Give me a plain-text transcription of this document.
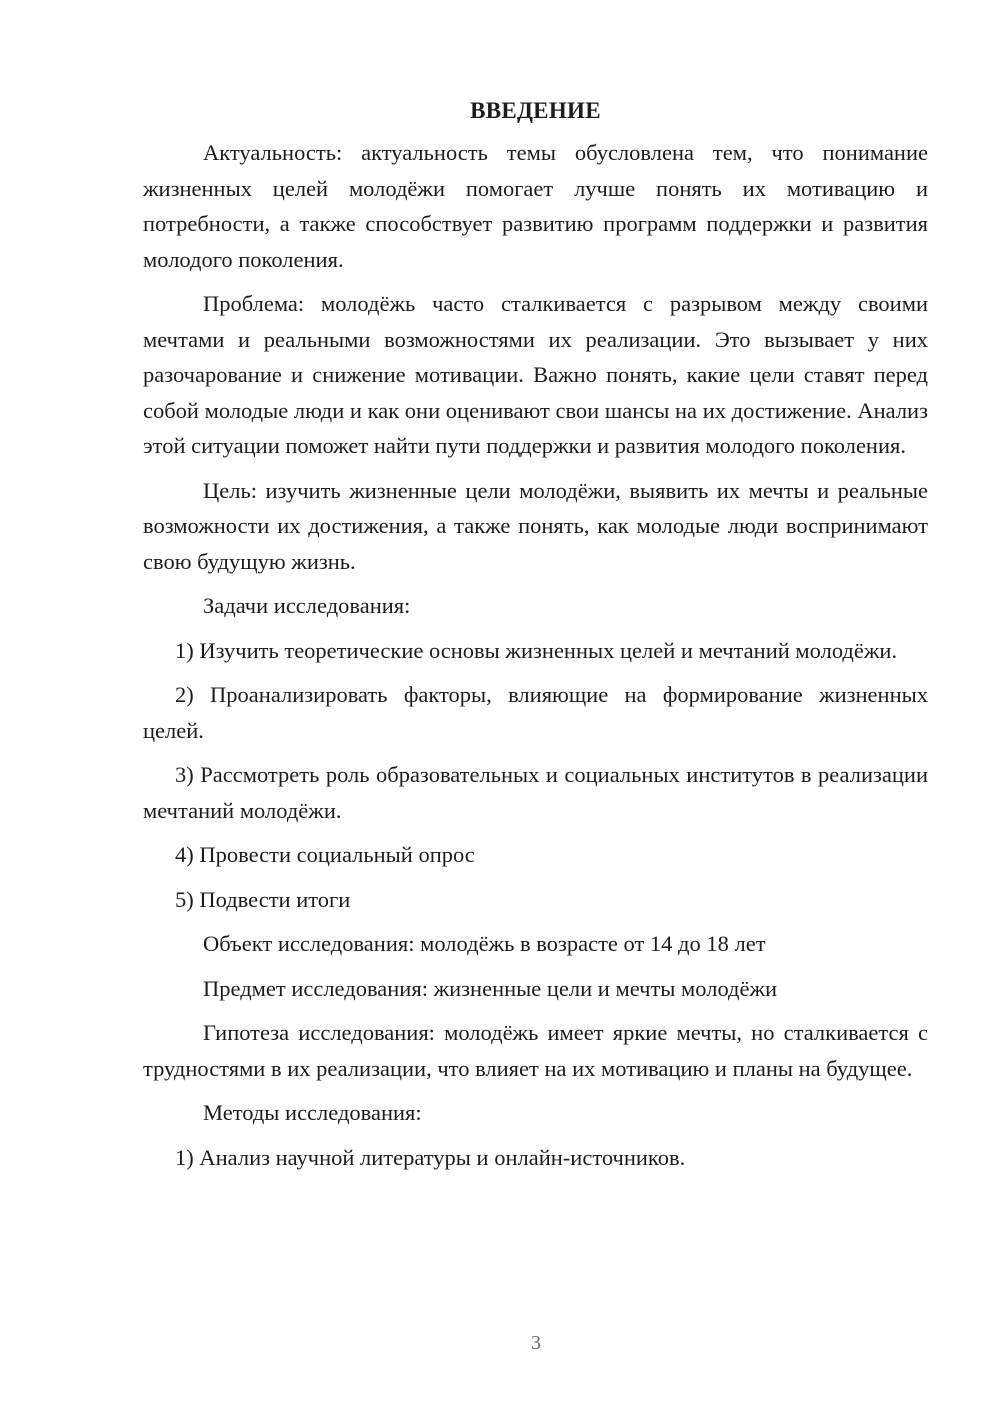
ВВЕДЕНИЕ

Актуальность: актуальность темы обусловлена тем, что понимание жизненных целей молодёжи помогает лучше понять их мотивацию и потребности, а также способствует развитию программ поддержки и развития молодого поколения.

Проблема: молодёжь часто сталкивается с разрывом между своими мечтами и реальными возможностями их реализации. Это вызывает у них разочарование и снижение мотивации. Важно понять, какие цели ставят перед собой молодые люди и как они оценивают свои шансы на их достижение. Анализ этой ситуации поможет найти пути поддержки и развития молодого поколения.

Цель: изучить жизненные цели молодёжи, выявить их мечты и реальные возможности их достижения, а также понять, как молодые люди воспринимают свою будущую жизнь.

Задачи исследования:

1) Изучить теоретические основы жизненных целей и мечтаний молодёжи.

2) Проанализировать факторы, влияющие на формирование жизненных целей.

3) Рассмотреть роль образовательных и социальных институтов в реализации мечтаний молодёжи.

4) Провести социальный опрос

5) Подвести итоги

Объект исследования: молодёжь в возрасте от 14 до 18 лет

Предмет исследования: жизненные цели и мечты молодёжи

Гипотеза исследования: молодёжь имеет яркие мечты, но сталкивается с трудностями в их реализации, что влияет на их мотивацию и планы на будущее.

Методы исследования:

1) Анализ научной литературы и онлайн-источников.

3
